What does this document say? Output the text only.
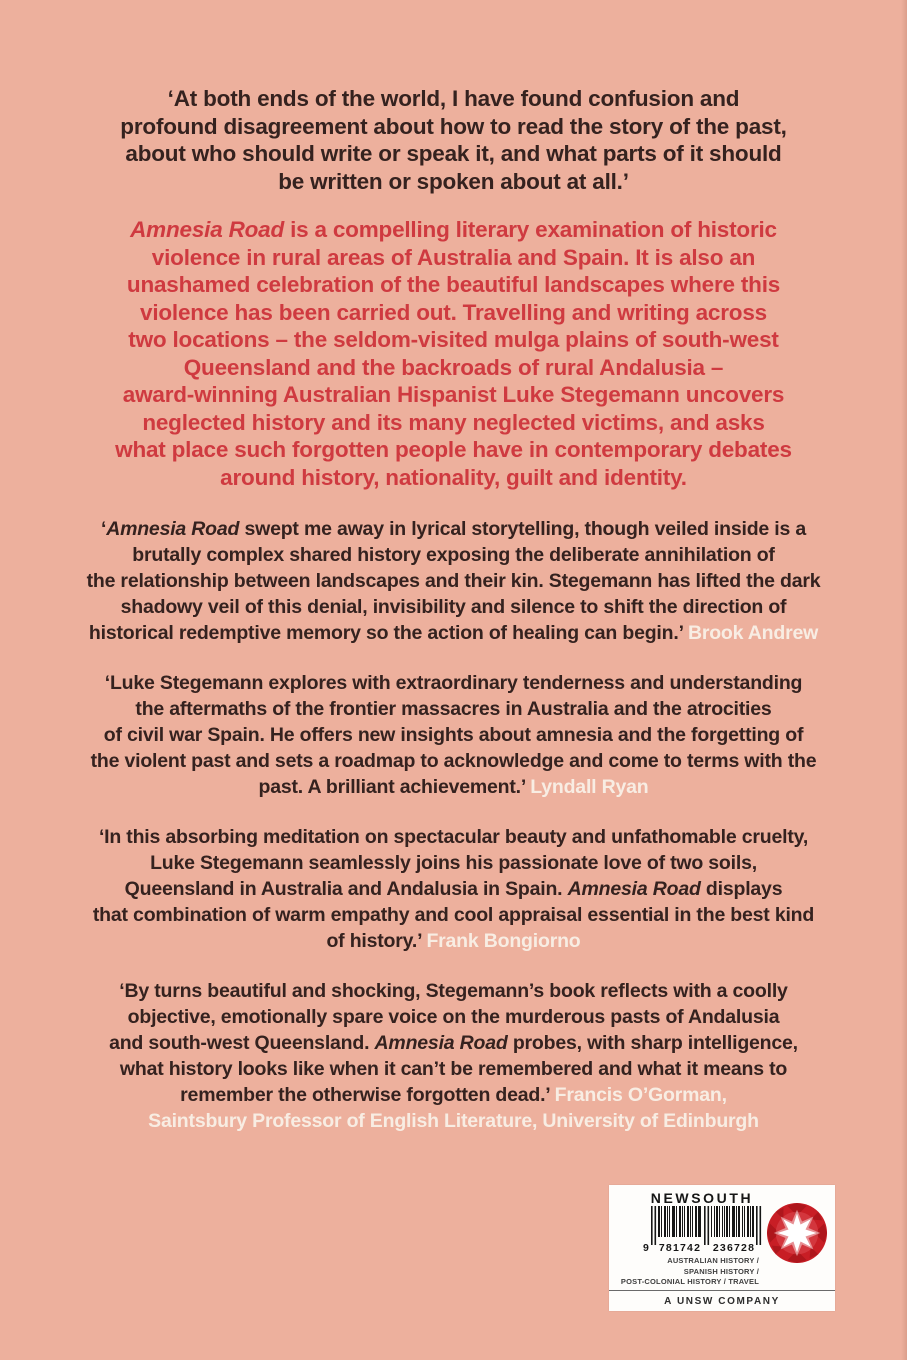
‘At both ends of the world, I have found confusion and
profound disagreement about how to read the story of the past,
about who should write or speak it, and what parts of it should
be written or spoken about at all.’

Amnesia Road is a compelling literary examination of historic
violence in rural areas of Australia and Spain. It is also an
unashamed celebration of the beautiful landscapes where this
violence has been carried out. Travelling and writing across
two locations – the seldom-visited mulga plains of south-west
Queensland and the backroads of rural Andalusia –
award-winning Australian Hispanist Luke Stegemann uncovers
neglected history and its many neglected victims, and asks
what place such forgotten people have in contemporary debates
around history, nationality, guilt and identity.

‘Amnesia Road swept me away in lyrical storytelling, though veiled inside is a
brutally complex shared history exposing the deliberate annihilation of
the relationship between landscapes and their kin. Stegemann has lifted the dark
shadowy veil of this denial, invisibility and silence to shift the direction of
historical redemptive memory so the action of healing can begin.’ Brook Andrew

‘Luke Stegemann explores with extraordinary tenderness and understanding
the aftermaths of the frontier massacres in Australia and the atrocities
of civil war Spain. He offers new insights about amnesia and the forgetting of
the violent past and sets a roadmap to acknowledge and come to terms with the
past. A brilliant achievement.’ Lyndall Ryan

‘In this absorbing meditation on spectacular beauty and unfathomable cruelty,
Luke Stegemann seamlessly joins his passionate love of two soils,
Queensland in Australia and Andalusia in Spain. Amnesia Road displays
that combination of warm empathy and cool appraisal essential in the best kind
of history.’ Frank Bongiorno

‘By turns beautiful and shocking, Stegemann’s book reflects with a coolly
objective, emotionally spare voice on the murderous pasts of Andalusia
and south-west Queensland. Amnesia Road probes, with sharp intelligence,
what history looks like when it can’t be remembered and what it means to
remember the otherwise forgotten dead.’ Francis O’Gorman,
Saintsbury Professor of English Literature, University of Edinburgh

NEWSOUTH
9 781742 236728
AUSTRALIAN HISTORY /
SPANISH HISTORY /
POST-COLONIAL HISTORY / TRAVEL
A UNSW COMPANY
